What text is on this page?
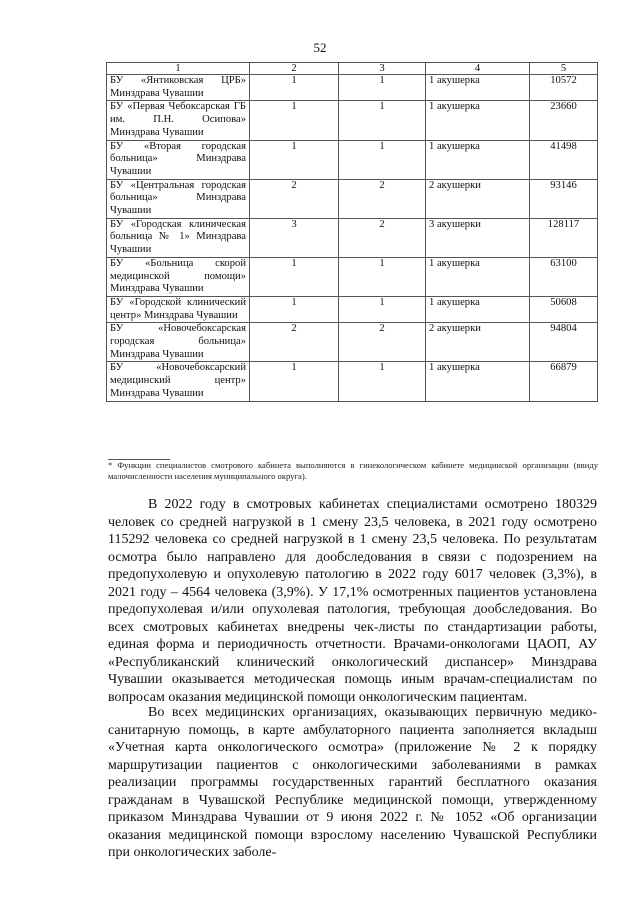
52
1	2	3	4	5
БУ «Янтиковская ЦРБ» Минздрава Чувашии	1	1	1 акушерка	10572
БУ «Первая Чебоксарская ГБ им. П.Н. Осипова» Минздрава Чувашии	1	1	1 акушерка	23660
БУ «Вторая городская больница» Минздрава Чувашии	1	1	1 акушерка	41498
БУ «Центральная городская больница» Минздрава Чувашии	2	2	2 акушерки	93146
БУ «Городская клиническая больница № 1» Минздрава Чувашии	3	2	3 акушерки	128117
БУ «Больница скорой медицинской помощи» Минздрава Чувашии	1	1	1 акушерка	63100
БУ «Городской клинический центр» Минздрава Чувашии	1	1	1 акушерка	50608
БУ «Новочебоксарская городская больница» Минздрава Чувашии	2	2	2 акушерки	94804
БУ «Новочебоксарский медицинский центр» Минздрава Чувашии	1	1	1 акушерка	66879
* Функции специалистов смотрового кабинета выполняются в гинекологическом кабинете медицинской организации (ввиду малочисленности населения муниципального округа).

В 2022 году в смотровых кабинетах специалистами осмотрено 180329 человек со средней нагрузкой в 1 смену 23,5 человека, в 2021 году осмотрено 115292 человека со средней нагрузкой в 1 смену 23,5 человека. По результатам осмотра было направлено для дообследования в связи с подозрением на предопухолевую и опухолевую патологию в 2022 году 6017 человек (3,3%), в 2021 году – 4564 человека (3,9%). У 17,1% осмотренных пациентов установлена предопухолевая и/или опухолевая патология, требующая дообследования. Во всех смотровых кабинетах внедрены чек-листы по стандартизации работы, единая форма и периодичность отчетности. Врачами-онкологами ЦАОП, АУ «Республиканский клинический онкологический диспансер» Минздрава Чувашии оказывается методическая помощь иным врачам-специалистам по вопросам оказания медицинской помощи онкологическим пациентам.

Во всех медицинских организациях, оказывающих первичную медико-санитарную помощь, в карте амбулаторного пациента заполняется вкладыш «Учетная карта онкологического осмотра» (приложение № 2 к порядку маршрутизации пациентов с онкологическими заболеваниями в рамках реализации программы государственных гарантий бесплатного оказания гражданам в Чувашской Республике медицинской помощи, утвержденному приказом Минздрава Чувашии от 9 июня 2022 г. № 1052 «Об организации оказания медицинской помощи взрослому населению Чувашской Республики при онкологических заболе-
